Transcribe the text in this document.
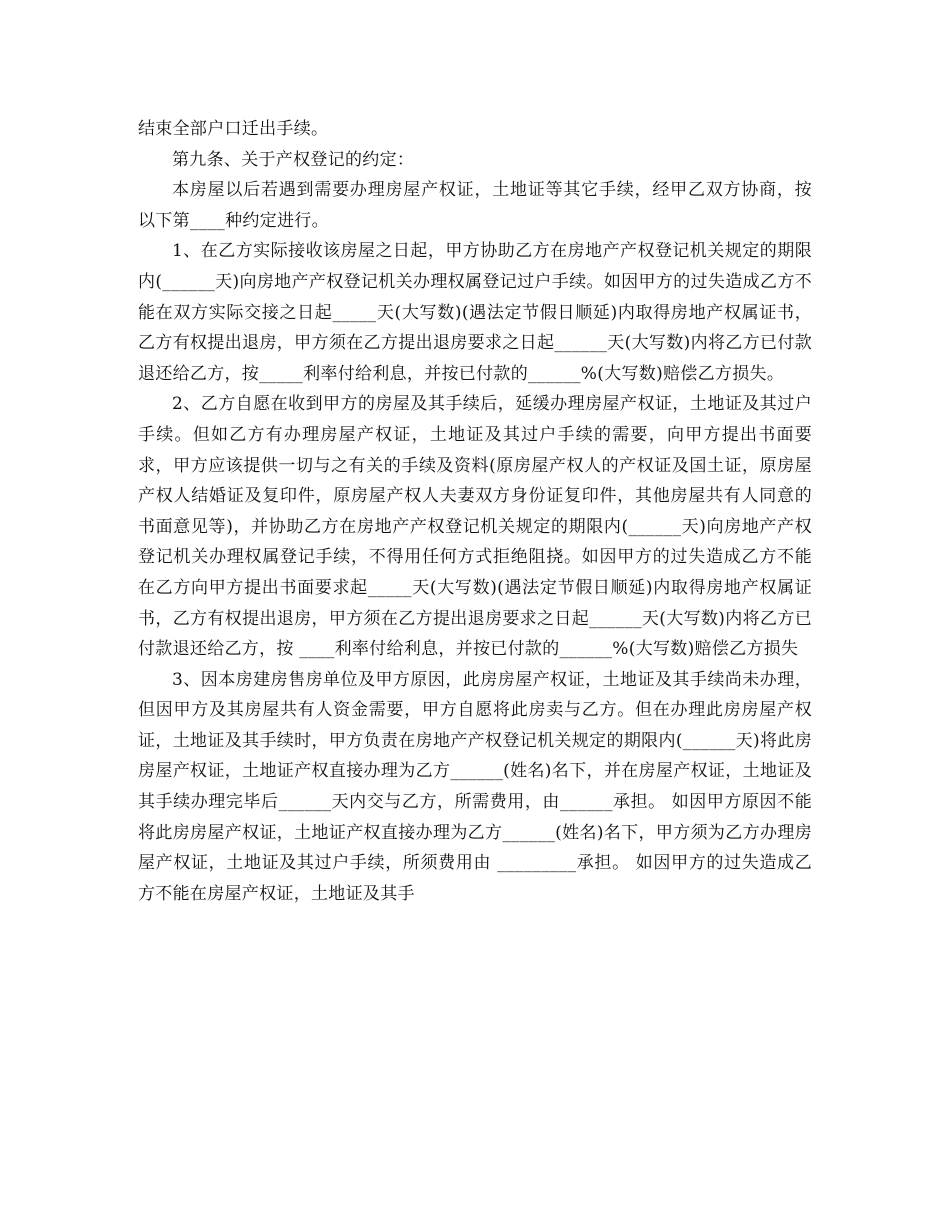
结束全部户口迁出手续。

第九条、关于产权登记的约定：

本房屋以后若遇到需要办理房屋产权证，土地证等其它手续，经甲乙双方协商，按以下第____种约定进行。

1、在乙方实际接收该房屋之日起，甲方协助乙方在房地产产权登记机关规定的期限内(______天)向房地产产权登记机关办理权属登记过户手续。如因甲方的过失造成乙方不能在双方实际交接之日起_____天(大写数)(遇法定节假日顺延)内取得房地产权属证书，乙方有权提出退房，甲方须在乙方提出退房要求之日起______天(大写数)内将乙方已付款退还给乙方，按_____利率付给利息，并按已付款的______%(大写数)赔偿乙方损失。

2、乙方自愿在收到甲方的房屋及其手续后，延缓办理房屋产权证，土地证及其过户手续。但如乙方有办理房屋产权证，土地证及其过户手续的需要，向甲方提出书面要求，甲方应该提供一切与之有关的手续及资料(原房屋产权人的产权证及国土证，原房屋产权人结婚证及复印件，原房屋产权人夫妻双方身份证复印件，其他房屋共有人同意的书面意见等)，并协助乙方在房地产产权登记机关规定的期限内(______天)向房地产产权登记机关办理权属登记手续，不得用任何方式拒绝阻挠。如因甲方的过失造成乙方不能在乙方向甲方提出书面要求起_____天(大写数)(遇法定节假日顺延)内取得房地产权属证书，乙方有权提出退房，甲方须在乙方提出退房要求之日起______天(大写数)内将乙方已付款退还给乙方，按 ____利率付给利息，并按已付款的______%(大写数)赔偿乙方损失

3、因本房建房售房单位及甲方原因，此房房屋产权证，土地证及其手续尚未办理，但因甲方及其房屋共有人资金需要，甲方自愿将此房卖与乙方。但在办理此房房屋产权证，土地证及其手续时，甲方负责在房地产产权登记机关规定的期限内(______天)将此房房屋产权证，土地证产权直接办理为乙方______(姓名)名下，并在房屋产权证，土地证及其手续办理完毕后______天内交与乙方，所需费用，由______承担。 如因甲方原因不能将此房房屋产权证，土地证产权直接办理为乙方______(姓名)名下，甲方须为乙方办理房屋产权证，土地证及其过户手续，所须费用由 _________承担。 如因甲方的过失造成乙方不能在房屋产权证，土地证及其手
